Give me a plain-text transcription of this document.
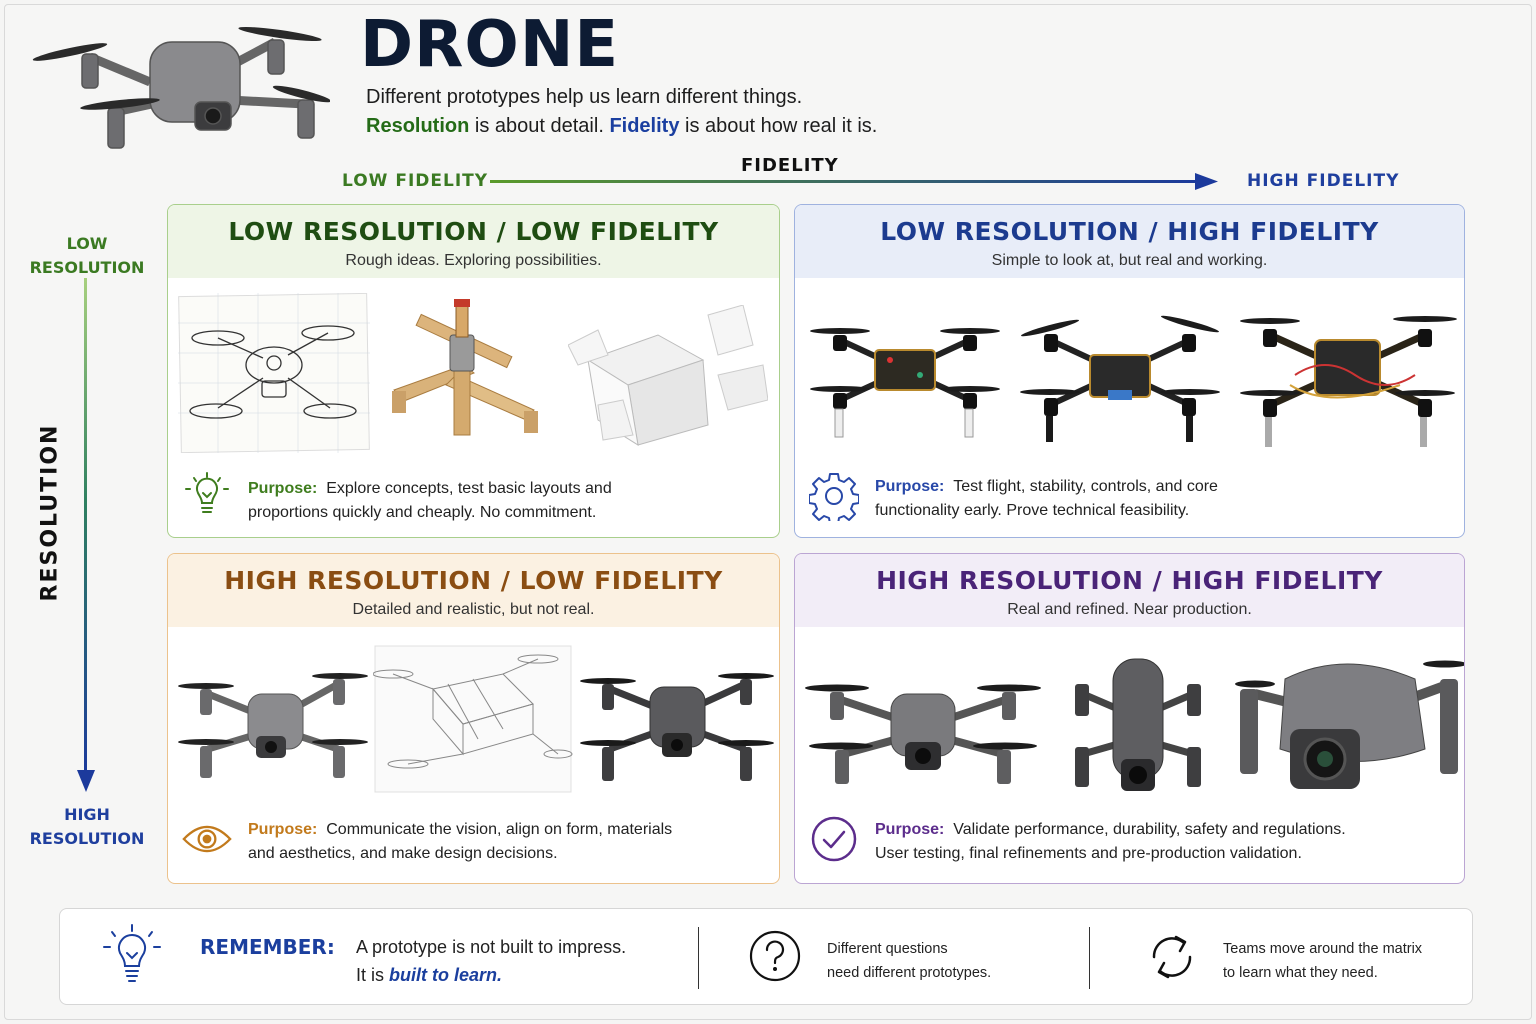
DRONE
Different prototypes help us learn different things.
Resolution is about detail. Fidelity is about how real it is.
LOW FIDELITY
FIDELITY
HIGH FIDELITY
LOW
RESOLUTION
RESOLUTION
HIGH
RESOLUTION
LOW RESOLUTION / LOW FIDELITY
Rough ideas. Exploring possibilities.
Purpose: Explore concepts, test basic layouts and
proportions quickly and cheaply. No commitment.
LOW RESOLUTION / HIGH FIDELITY
Simple to look at, but real and working.
Purpose: Test flight, stability, controls, and core
functionality early. Prove technical feasibility.
HIGH RESOLUTION / LOW FIDELITY
Detailed and realistic, but not real.
Purpose: Communicate the vision, align on form, materials
and aesthetics, and make design decisions.
HIGH RESOLUTION / HIGH FIDELITY
Real and refined. Near production.
Purpose: Validate performance, durability, safety and regulations.
User testing, final refinements and pre-production validation.
REMEMBER: A prototype is not built to impress.
It is built to learn.
Different questions
need different prototypes.
Teams move around the matrix
to learn what they need.
